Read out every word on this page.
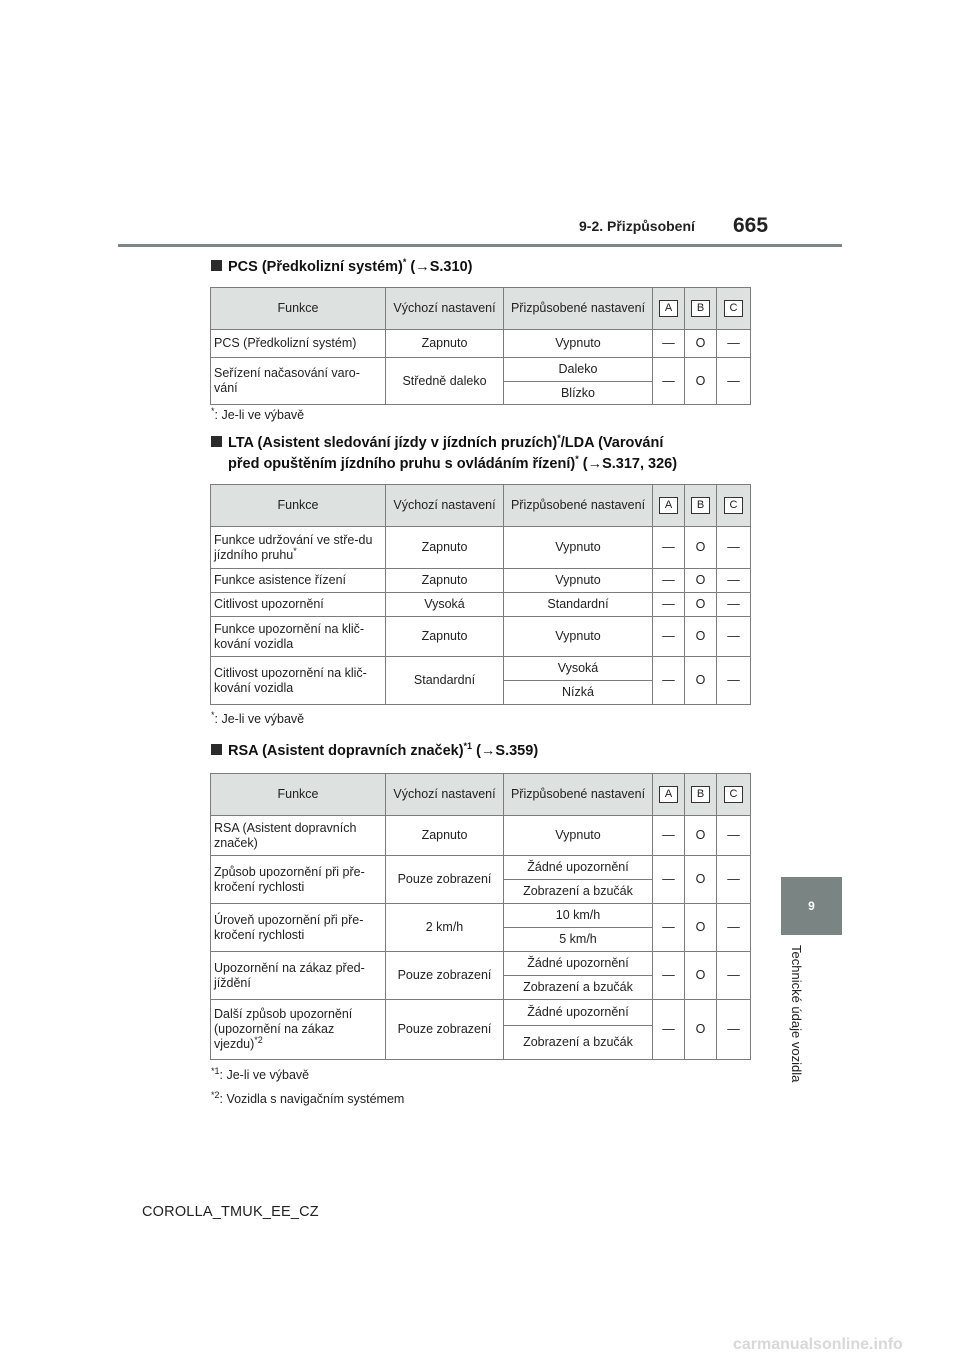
9-2. Přizpůsobení 665
9
Technické údaje vozidla
PCS (Předkolizní systém)* (→S.310)
Funkce	Výchozí nastavení	Přizpůsobené nastavení	A	B	C
PCS (Předkolizní systém)	Zapnuto	Vypnuto	—	O	—
Seřízení načasování varo-vání	Středně daleko	Daleko	—	O	—
		Blízko			
*: Je-li ve výbavě
LTA (Asistent sledování jízdy v jízdních pruzích)*/LDA (Varování
před opuštěním jízdního pruhu s ovládáním řízení)* (→S.317, 326)
Funkce	Výchozí nastavení	Přizpůsobené nastavení	A	B	C
Funkce udržování ve stře-du jízdního pruhu*	Zapnuto	Vypnuto	—	O	—
Funkce asistence řízení	Zapnuto	Vypnuto	—	O	—
Citlivost upozornění	Vysoká	Standardní	—	O	—
Funkce upozornění na klič-kování vozidla	Zapnuto	Vypnuto	—	O	—
Citlivost upozornění na klič-kování vozidla	Standardní	Vysoká	—	O	—
		Nízká			
*: Je-li ve výbavě
RSA (Asistent dopravních značek)$^{*1}$ (→S.359)
Funkce	Výchozí nastavení	Přizpůsobené nastavení	A	B	C
RSA (Asistent dopravních značek)	Zapnuto	Vypnuto	—	O	—
Způsob upozornění při pře-kročení rychlosti	Pouze zobrazení	Žádné upozornění	—	O	—
		Zobrazení a bzučák			
Úroveň upozornění při pře-kročení rychlosti	2 km/h	10 km/h	—	O	—
		5 km/h			
Upozornění na zákaz před-jíždění	Pouze zobrazení	Žádné upozornění	—	O	—
		Zobrazení a bzučák			
Další způsob upozornění (upozornění na zákaz vjezdu)$^{*2}$	Pouze zobrazení	Žádné upozornění	—	O	—
		Zobrazení a bzučák			
$^{*1}$: Je-li ve výbavě
$^{*2}$: Vozidla s navigačním systémem
COROLLA_TMUK_EE_CZ
carmanualsonline.info
